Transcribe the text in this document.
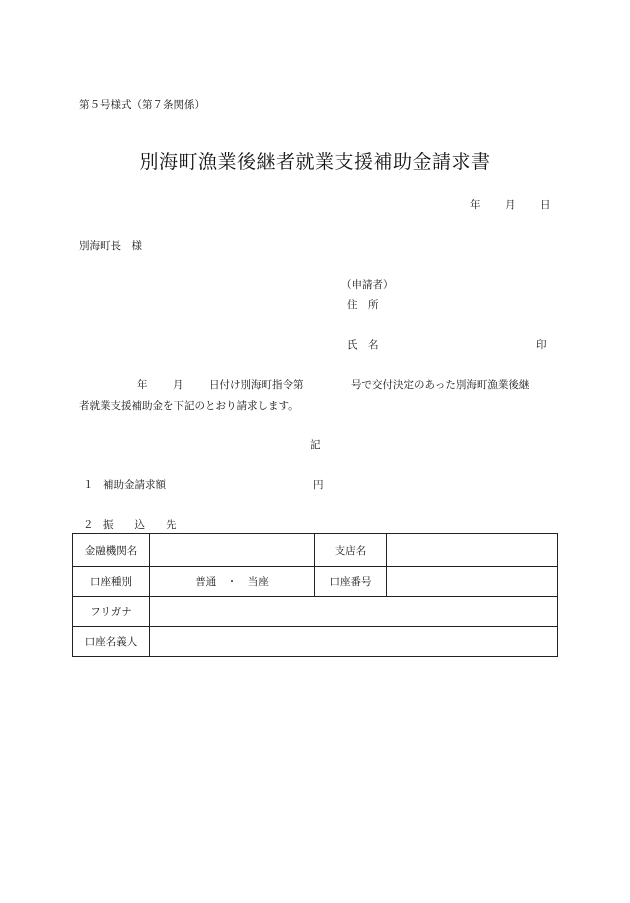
第５号様式（第７条関係）
別海町漁業後継者就業支援補助金請求書
年 月 日
別海町長　様
（申請者）
住　所
氏　名	印
年 月 日付け別海町指令第	号で交付決定のあった別海町漁業後継
者就業支援補助金を下記のとおり請求します。
記
１ 補助金請求額	円
２ 振　　込　　先
金融機関名		支店名	
口座種別	普通　・　当座	口座番号	
フリガナ			
口座名義人			
